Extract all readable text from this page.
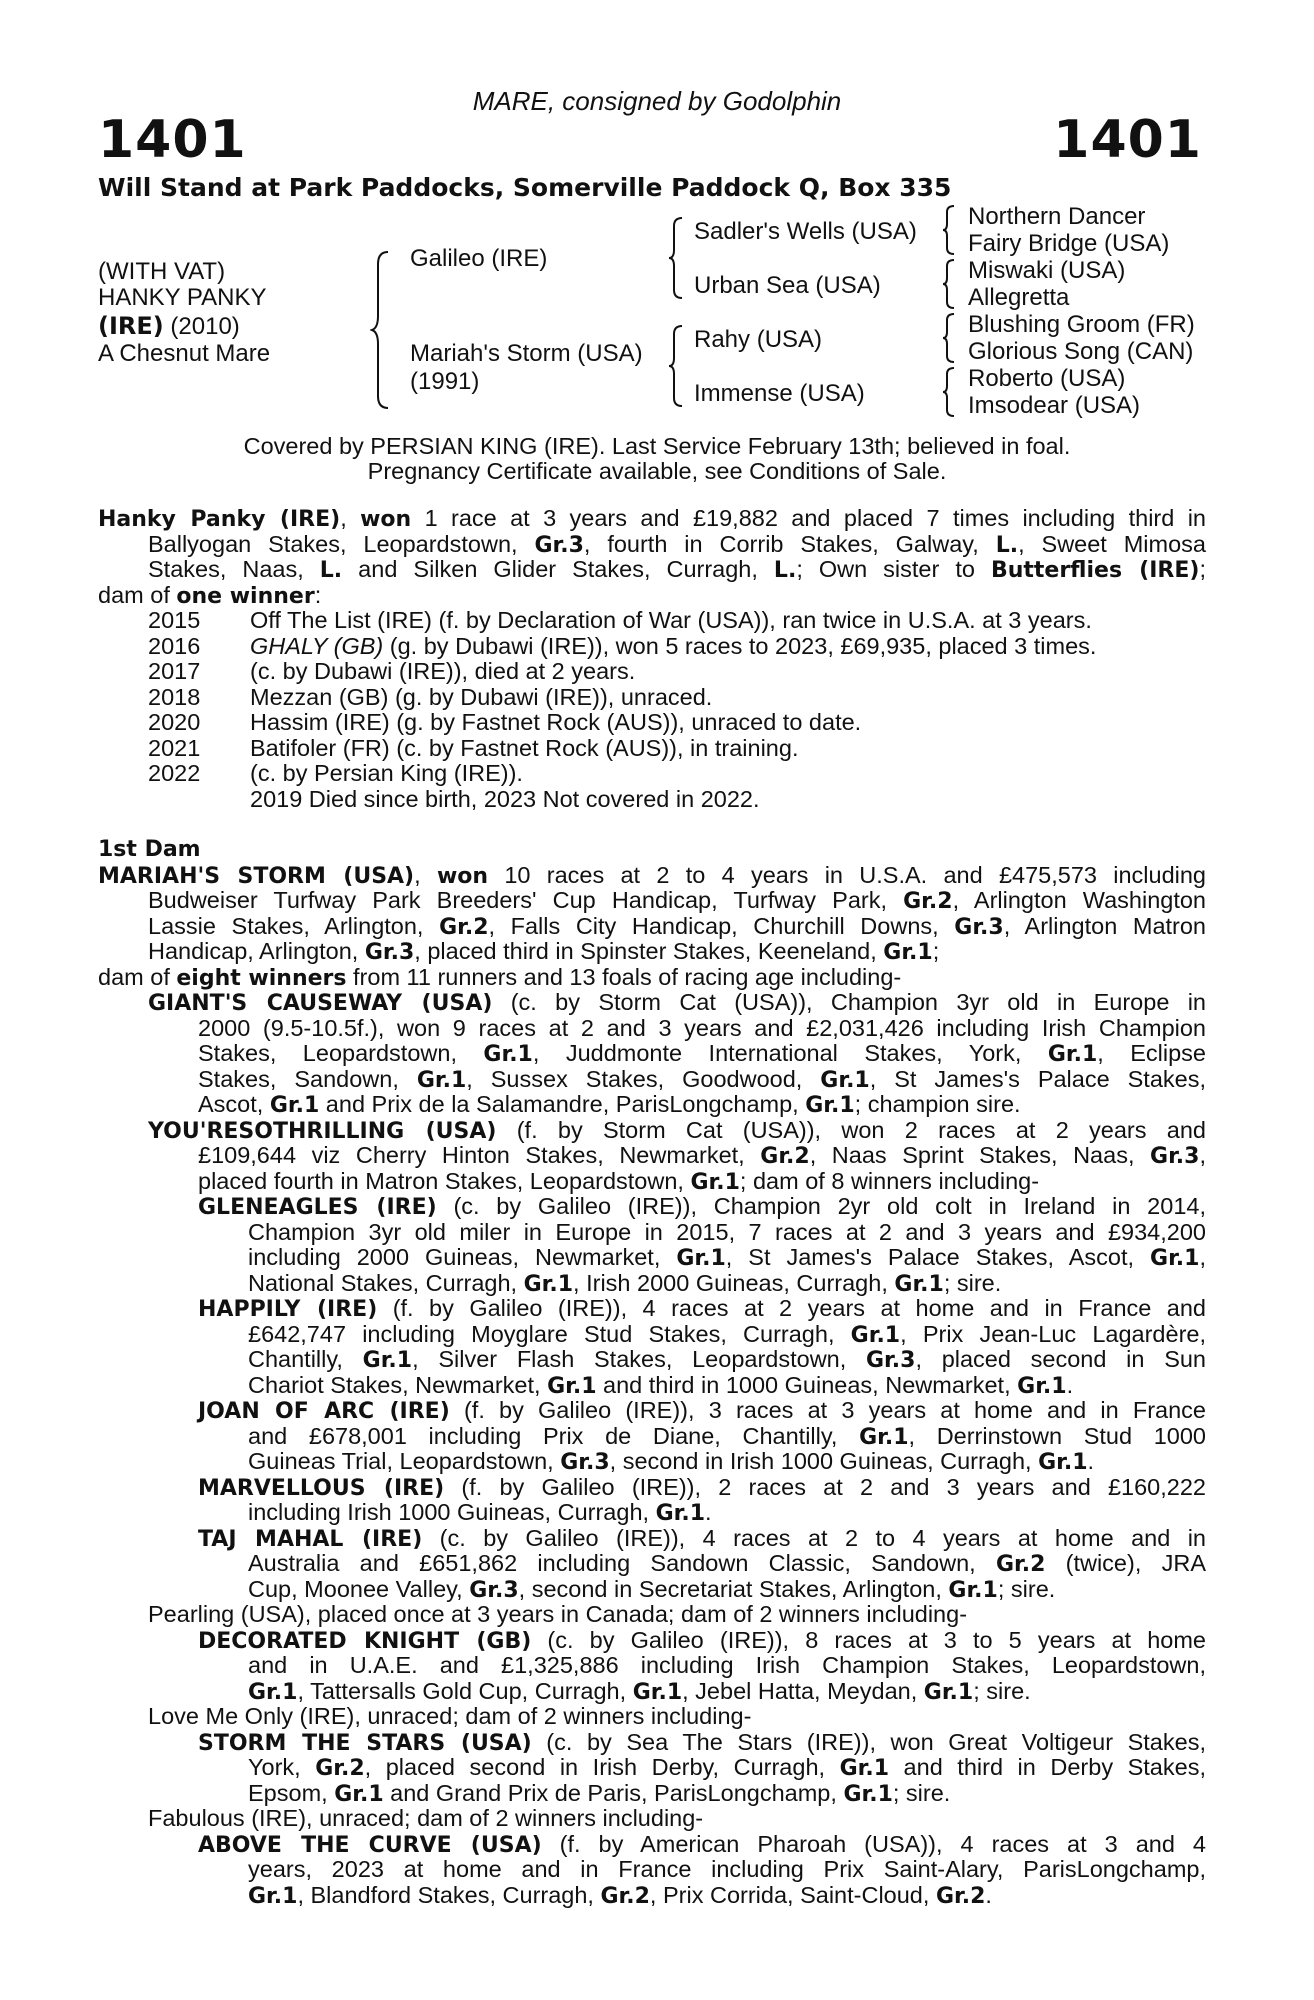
MARE, consigned by Godolphin
1401	1401
Will Stand at Park Paddocks, Somerville Paddock Q, Box 335
(WITH VAT)
HANKY PANKY
(IRE) (2010)
A Chesnut Mare
Galileo (IRE)
Mariah's Storm (USA)
(1991)
Sadler's Wells (USA)
Urban Sea (USA)
Rahy (USA)
Immense (USA)
Northern Dancer
Fairy Bridge (USA)
Miswaki (USA)
Allegretta
Blushing Groom (FR)
Glorious Song (CAN)
Roberto (USA)
Imsodear (USA)
Covered by PERSIAN KING (IRE). Last Service February 13th; believed in foal.
Pregnancy Certificate available, see Conditions of Sale.
Hanky Panky (IRE), won 1 race at 3 years and £19,882 and placed 7 times including third in
Ballyogan Stakes, Leopardstown, Gr.3, fourth in Corrib Stakes, Galway, L., Sweet Mimosa
Stakes, Naas, L. and Silken Glider Stakes, Curragh, L.; Own sister to Butterflies (IRE);
dam of one winner:
2015	Off The List (IRE) (f. by Declaration of War (USA)), ran twice in U.S.A. at 3 years.
2016	GHALY (GB) (g. by Dubawi (IRE)), won 5 races to 2023, £69,935, placed 3 times.
2017	(c. by Dubawi (IRE)), died at 2 years.
2018	Mezzan (GB) (g. by Dubawi (IRE)), unraced.
2020	Hassim (IRE) (g. by Fastnet Rock (AUS)), unraced to date.
2021	Batifoler (FR) (c. by Fastnet Rock (AUS)), in training.
2022	(c. by Persian King (IRE)).
2019 Died since birth, 2023 Not covered in 2022.
1st Dam
MARIAH'S STORM (USA), won 10 races at 2 to 4 years in U.S.A. and £475,573 including
Budweiser Turfway Park Breeders' Cup Handicap, Turfway Park, Gr.2, Arlington Washington
Lassie Stakes, Arlington, Gr.2, Falls City Handicap, Churchill Downs, Gr.3, Arlington Matron
Handicap, Arlington, Gr.3, placed third in Spinster Stakes, Keeneland, Gr.1;
dam of eight winners from 11 runners and 13 foals of racing age including-
GIANT'S CAUSEWAY (USA) (c. by Storm Cat (USA)), Champion 3yr old in Europe in
2000 (9.5-10.5f.), won 9 races at 2 and 3 years and £2,031,426 including Irish Champion
Stakes, Leopardstown, Gr.1, Juddmonte International Stakes, York, Gr.1, Eclipse
Stakes, Sandown, Gr.1, Sussex Stakes, Goodwood, Gr.1, St James's Palace Stakes,
Ascot, Gr.1 and Prix de la Salamandre, ParisLongchamp, Gr.1; champion sire.
YOU'RESOTHRILLING (USA) (f. by Storm Cat (USA)), won 2 races at 2 years and
£109,644 viz Cherry Hinton Stakes, Newmarket, Gr.2, Naas Sprint Stakes, Naas, Gr.3,
placed fourth in Matron Stakes, Leopardstown, Gr.1; dam of 8 winners including-
GLENEAGLES (IRE) (c. by Galileo (IRE)), Champion 2yr old colt in Ireland in 2014,
Champion 3yr old miler in Europe in 2015, 7 races at 2 and 3 years and £934,200
including 2000 Guineas, Newmarket, Gr.1, St James's Palace Stakes, Ascot, Gr.1,
National Stakes, Curragh, Gr.1, Irish 2000 Guineas, Curragh, Gr.1; sire.
HAPPILY (IRE) (f. by Galileo (IRE)), 4 races at 2 years at home and in France and
£642,747 including Moyglare Stud Stakes, Curragh, Gr.1, Prix Jean-Luc Lagardère,
Chantilly, Gr.1, Silver Flash Stakes, Leopardstown, Gr.3, placed second in Sun
Chariot Stakes, Newmarket, Gr.1 and third in 1000 Guineas, Newmarket, Gr.1.
JOAN OF ARC (IRE) (f. by Galileo (IRE)), 3 races at 3 years at home and in France
and £678,001 including Prix de Diane, Chantilly, Gr.1, Derrinstown Stud 1000
Guineas Trial, Leopardstown, Gr.3, second in Irish 1000 Guineas, Curragh, Gr.1.
MARVELLOUS (IRE) (f. by Galileo (IRE)), 2 races at 2 and 3 years and £160,222
including Irish 1000 Guineas, Curragh, Gr.1.
TAJ MAHAL (IRE) (c. by Galileo (IRE)), 4 races at 2 to 4 years at home and in
Australia and £651,862 including Sandown Classic, Sandown, Gr.2 (twice), JRA
Cup, Moonee Valley, Gr.3, second in Secretariat Stakes, Arlington, Gr.1; sire.
Pearling (USA), placed once at 3 years in Canada; dam of 2 winners including-
DECORATED KNIGHT (GB) (c. by Galileo (IRE)), 8 races at 3 to 5 years at home
and in U.A.E. and £1,325,886 including Irish Champion Stakes, Leopardstown,
Gr.1, Tattersalls Gold Cup, Curragh, Gr.1, Jebel Hatta, Meydan, Gr.1; sire.
Love Me Only (IRE), unraced; dam of 2 winners including-
STORM THE STARS (USA) (c. by Sea The Stars (IRE)), won Great Voltigeur Stakes,
York, Gr.2, placed second in Irish Derby, Curragh, Gr.1 and third in Derby Stakes,
Epsom, Gr.1 and Grand Prix de Paris, ParisLongchamp, Gr.1; sire.
Fabulous (IRE), unraced; dam of 2 winners including-
ABOVE THE CURVE (USA) (f. by American Pharoah (USA)), 4 races at 3 and 4
years, 2023 at home and in France including Prix Saint-Alary, ParisLongchamp,
Gr.1, Blandford Stakes, Curragh, Gr.2, Prix Corrida, Saint-Cloud, Gr.2.
